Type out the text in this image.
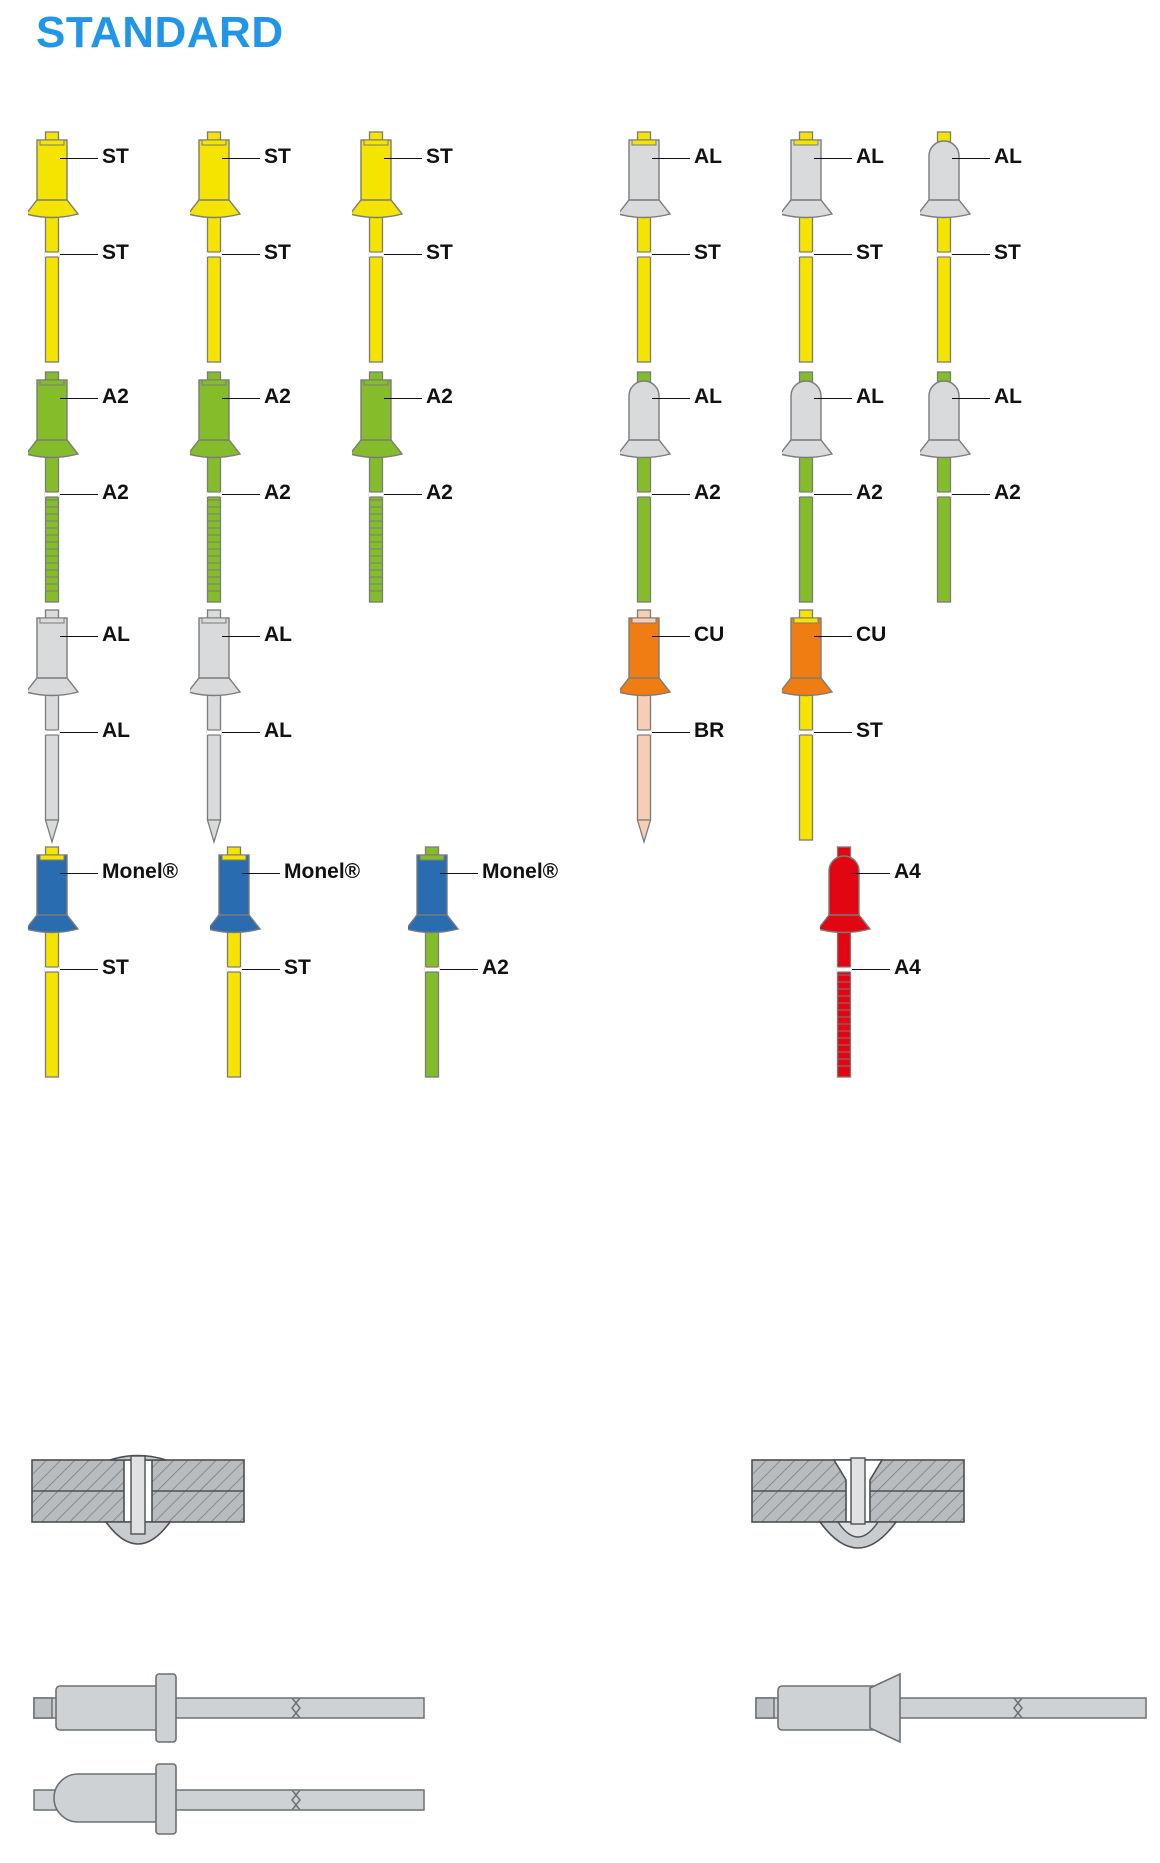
STANDARD
ST
ST
ST
ST
ST
ST
AL
ST
AL
ST
AL
ST
A2
A2
A2
A2
A2
A2
AL
A2
AL
A2
AL
A2
AL
AL
AL
AL
CU
BR
CU
ST
Monel®
ST
Monel®
ST
Monel®
A2
A4
A4
